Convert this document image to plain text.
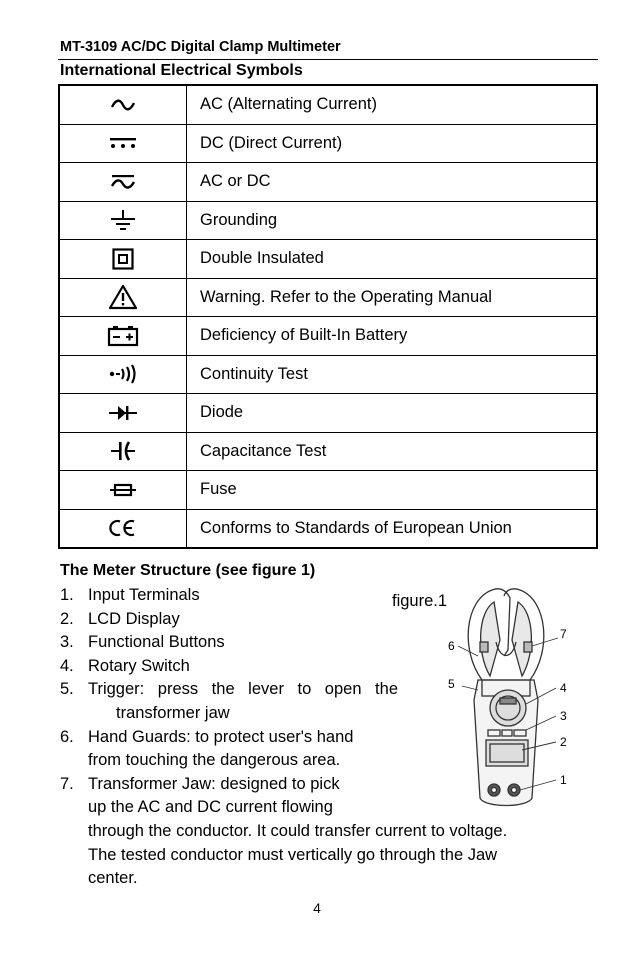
MT-3109 AC/DC Digital Clamp Multimeter
International Electrical Symbols
	AC (Alternating Current)

	DC (Direct Current)

	AC or DC

	Grounding

	Double Insulated

	Warning. Refer to the Operating Manual

	Deficiency of Built-In Battery

	Continuity Test

	Diode

	Capacitance Test

	Fuse

	Conforms to Standards of European Union
The Meter Structure (see figure 1)
1. Input Terminals
2. LCD Display
3. Functional Buttons
4. Rotary Switch
5. Trigger: press the lever to open the
transformer jaw
6. Hand Guards: to protect user's hand
from touching the dangerous area.
7. Transformer Jaw: designed to pick
up the AC and DC current flowing
through the conductor. It could transfer current to voltage.
The tested conductor must vertically go through the Jaw
center.
figure.1
6
5
7
4
3
2
1
4
